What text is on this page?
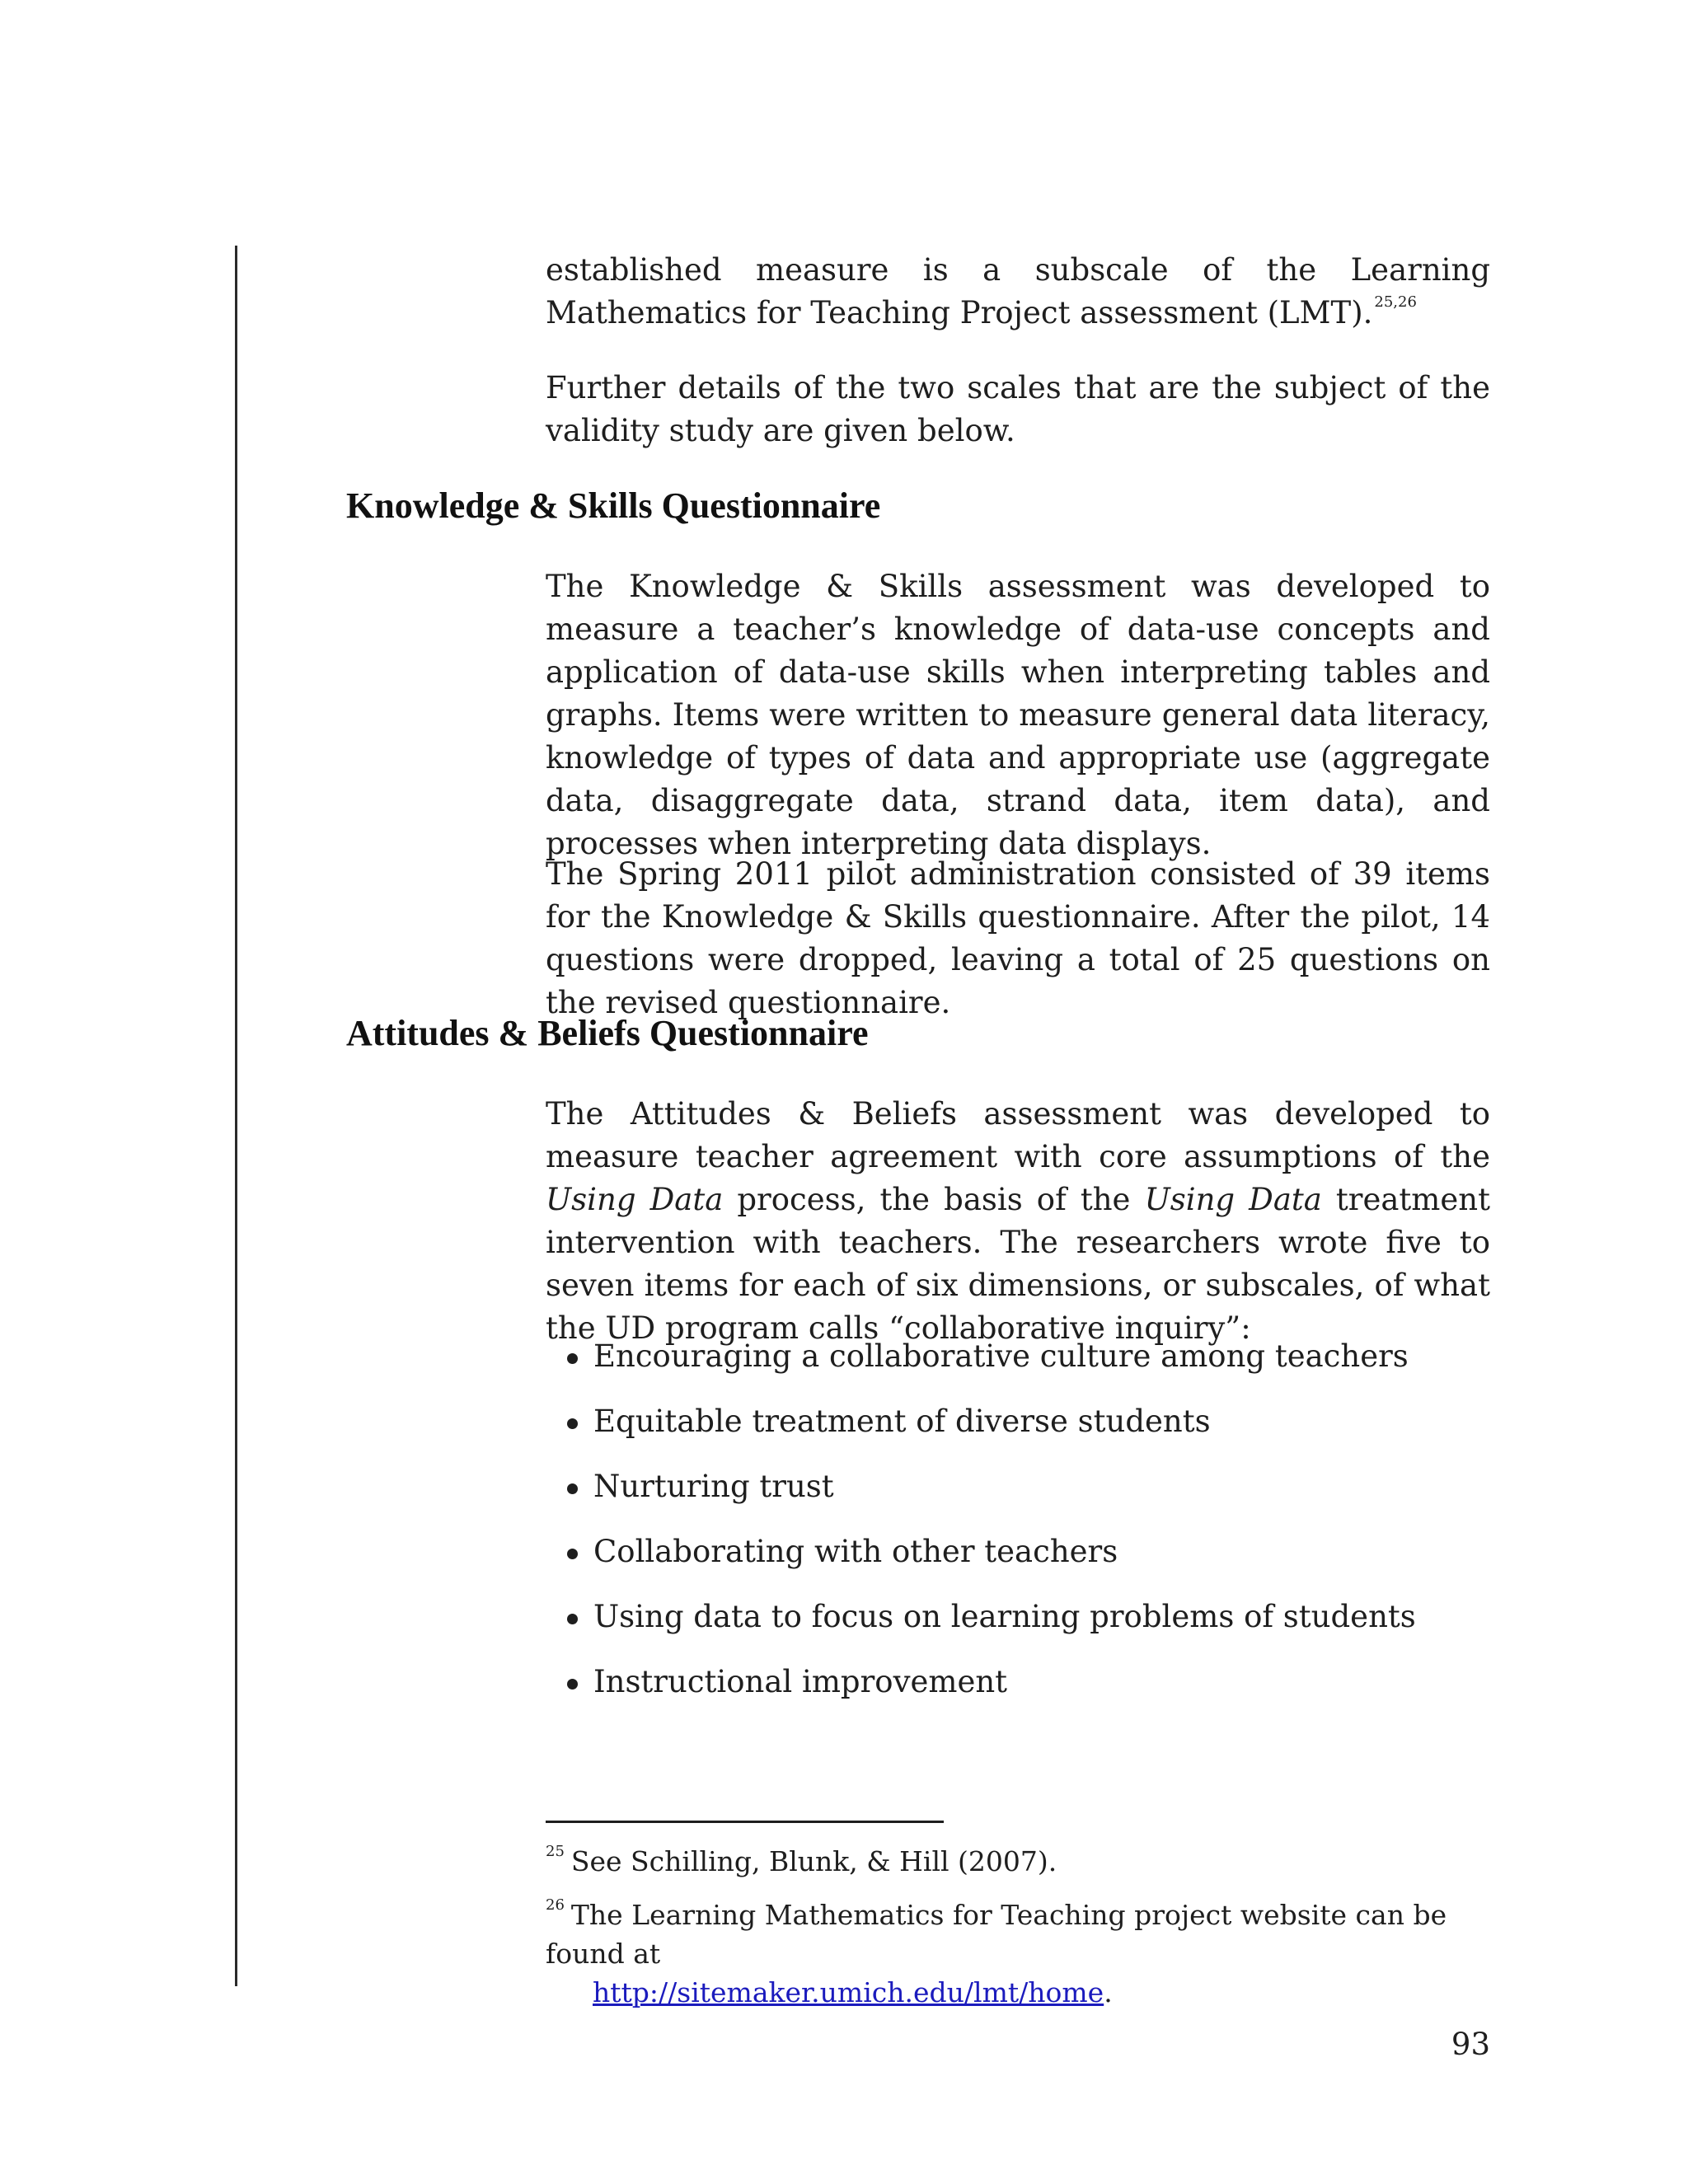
established measure is a subscale of the Learning Mathematics for Teaching Project assessment (LMT). $^{25,26}$

Further details of the two scales that are the subject of the validity study are given below.

Knowledge & Skills Questionnaire

The Knowledge & Skills assessment was developed to measure a teacher’s knowledge of data-use concepts and application of data-use skills when interpreting tables and graphs. Items were written to measure general data literacy, knowledge of types of data and appropriate use (aggregate data, disaggregate data, strand data, item data), and processes when interpreting data displays.

The Spring 2011 pilot administration consisted of 39 items for the Knowledge & Skills questionnaire. After the pilot, 14 questions were dropped, leaving a total of 25 questions on the revised questionnaire.

Attitudes & Beliefs Questionnaire

The Attitudes & Beliefs assessment was developed to measure teacher agreement with core assumptions of the Using Data process, the basis of the Using Data treatment intervention with teachers. The researchers wrote five to seven items for each of six dimensions, or subscales, of what the UD program calls “collaborative inquiry”:

Encouraging a collaborative culture among teachers
Equitable treatment of diverse students
Nurturing trust
Collaborating with other teachers
Using data to focus on learning problems of students
Instructional improvement

$^{25}$ See Schilling, Blunk, & Hill (2007).

$^{26}$ The Learning Mathematics for Teaching project website can be found at
http://sitemaker.umich.edu/lmt/home.

93
